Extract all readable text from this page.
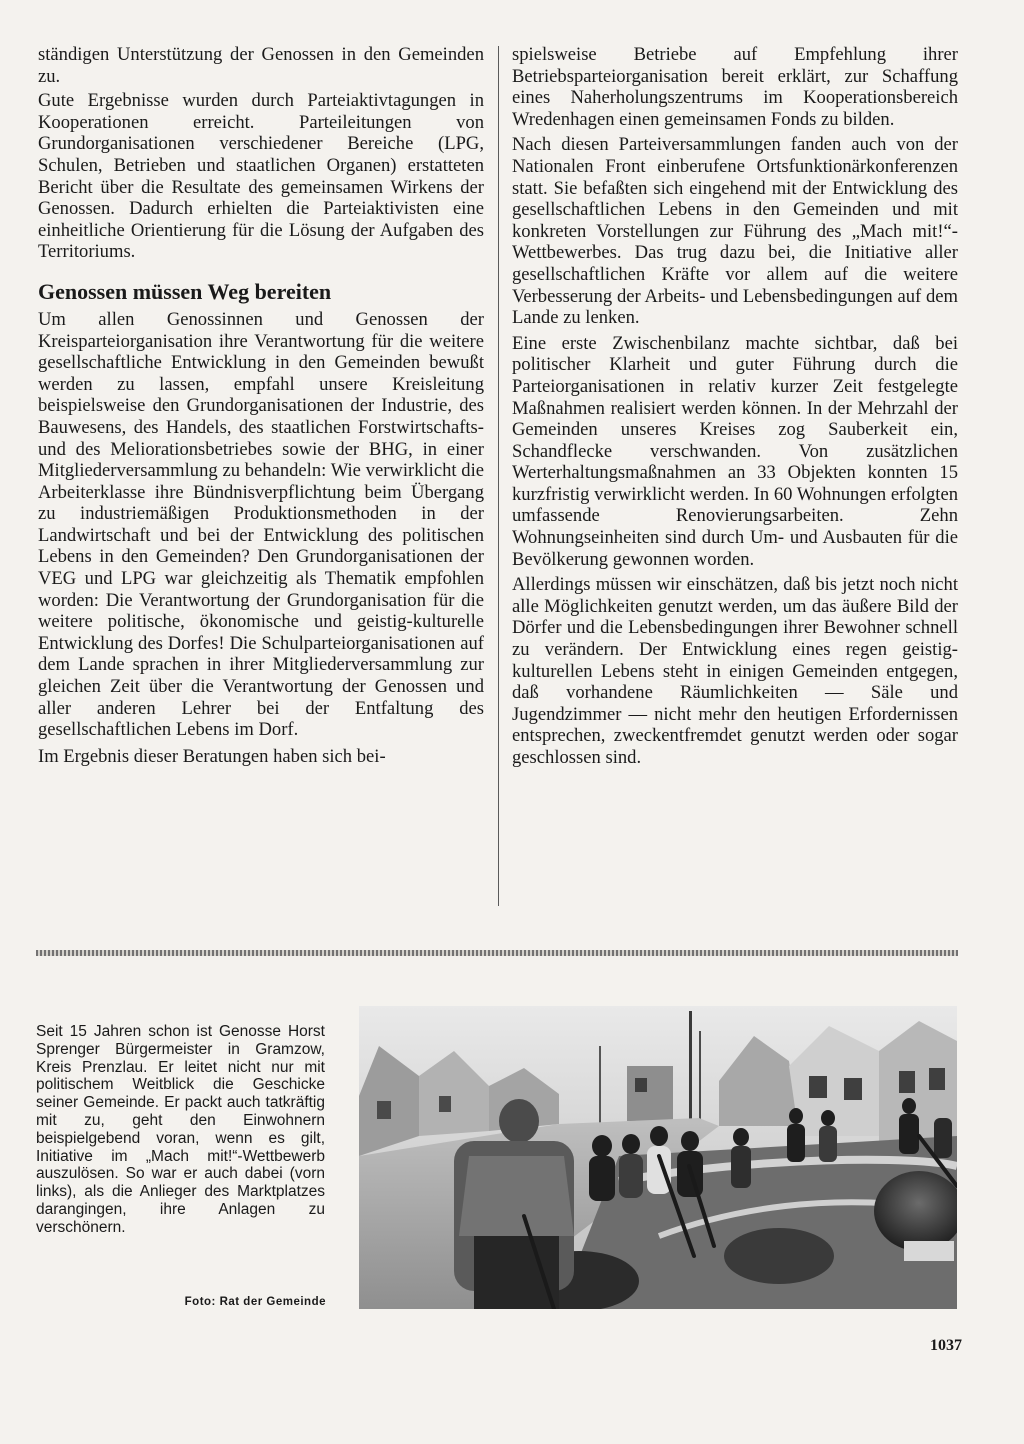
ständigen Unterstützung der Genossen in den Gemeinden zu.

Gute Ergebnisse wurden durch Parteiaktivtagungen in Kooperationen erreicht. Parteileitungen von Grundorganisationen verschiedener Bereiche (LPG, Schulen, Betrieben und staatlichen Organen) erstatteten Bericht über die Resultate des gemeinsamen Wirkens der Genossen. Dadurch erhielten die Parteiaktivisten eine einheitliche Orientierung für die Lösung der Aufgaben des Territoriums.

Genossen müssen Weg bereiten

Um allen Genossinnen und Genossen der Kreisparteiorganisation ihre Verantwortung für die weitere gesellschaftliche Entwicklung in den Gemeinden bewußt werden zu lassen, empfahl unsere Kreisleitung beispielsweise den Grundorganisationen der Industrie, des Bauwesens, des Handels, des staatlichen Forstwirtschafts- und des Meliorationsbetriebes sowie der BHG, in einer Mitgliederversammlung zu behandeln: Wie verwirklicht die Arbeiterklasse ihre Bündnisverpflichtung beim Übergang zu industriemäßigen Produktionsmethoden in der Landwirtschaft und bei der Entwicklung des politischen Lebens in den Gemeinden? Den Grundorganisationen der VEG und LPG war gleichzeitig als Thematik empfohlen worden: Die Verantwortung der Grundorganisation für die weitere politische, ökonomische und geistig-kulturelle Entwicklung des Dorfes! Die Schulparteiorganisationen auf dem Lande sprachen in ihrer Mitgliederversammlung zur gleichen Zeit über die Verantwortung der Genossen und aller anderen Lehrer bei der Entfaltung des gesellschaftlichen Lebens im Dorf.

Im Ergebnis dieser Beratungen haben sich bei-

spielsweise Betriebe auf Empfehlung ihrer Betriebsparteiorganisation bereit erklärt, zur Schaffung eines Naherholungszentrums im Kooperationsbereich Wredenhagen einen gemeinsamen Fonds zu bilden.

Nach diesen Parteiversammlungen fanden auch von der Nationalen Front einberufene Ortsfunktionärkonferenzen statt. Sie befaßten sich eingehend mit der Entwicklung des gesellschaftlichen Lebens in den Gemeinden und mit konkreten Vorstellungen zur Führung des „Mach mit!“-Wettbewerbes. Das trug dazu bei, die Initiative aller gesellschaftlichen Kräfte vor allem auf die weitere Verbesserung der Arbeits- und Lebensbedingungen auf dem Lande zu lenken.

Eine erste Zwischenbilanz machte sichtbar, daß bei politischer Klarheit und guter Führung durch die Parteiorganisationen in relativ kurzer Zeit festgelegte Maßnahmen realisiert werden können. In der Mehrzahl der Gemeinden unseres Kreises zog Sauberkeit ein, Schandflecke verschwanden. Von zusätzlichen Werterhaltungsmaßnahmen an 33 Objekten konnten 15 kurzfristig verwirklicht werden. In 60 Wohnungen erfolgten umfassende Renovierungsarbeiten. Zehn Wohnungseinheiten sind durch Um- und Ausbauten für die Bevölkerung gewonnen worden.

Allerdings müssen wir einschätzen, daß bis jetzt noch nicht alle Möglichkeiten genutzt werden, um das äußere Bild der Dörfer und die Lebensbedingungen ihrer Bewohner schnell zu verändern. Der Entwicklung eines regen geistig-kulturellen Lebens steht in einigen Gemeinden entgegen, daß vorhandene Räumlichkeiten — Säle und Jugendzimmer — nicht mehr den heutigen Erfordernissen entsprechen, zweckentfremdet genutzt werden oder sogar geschlossen sind.

Seit 15 Jahren schon ist Genosse Horst Sprenger Bürgermeister in Gramzow, Kreis Prenzlau. Er leitet nicht nur mit politischem Weitblick die Geschicke seiner Gemeinde. Er packt auch tatkräftig mit zu, geht den Einwohnern beispielgebend voran, wenn es gilt, Initiative im „Mach mit!“-Wettbewerb auszulösen. So war er auch dabei (vorn links), als die Anlieger des Marktplatzes darangingen, ihre Anlagen zu verschönern.
Foto: Rat der Gemeinde
1037
